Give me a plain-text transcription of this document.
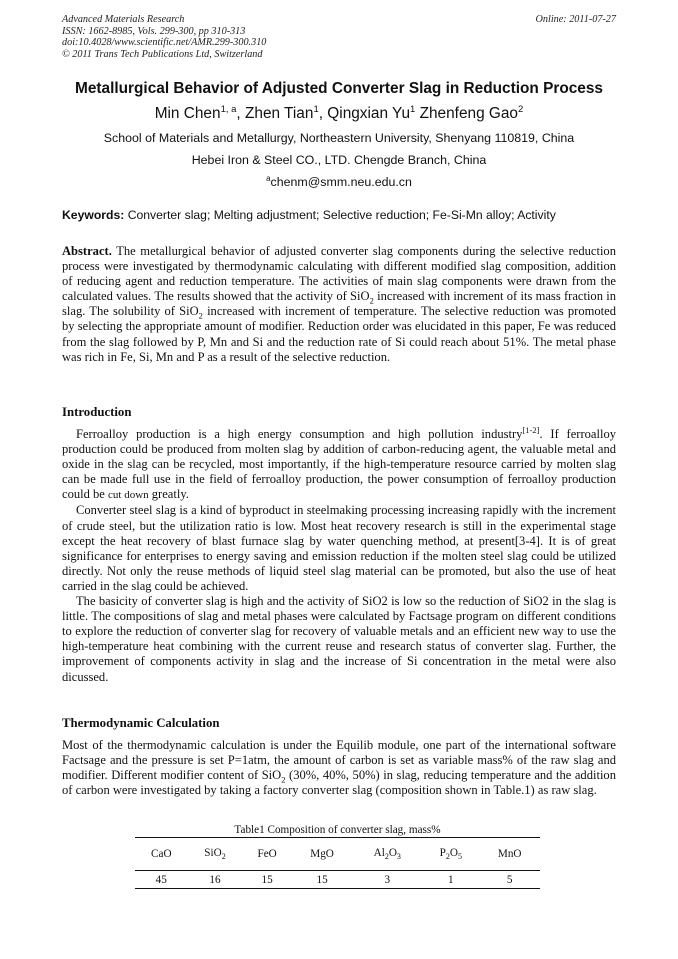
Advanced Materials Research
ISSN: 1662-8985, Vols. 299-300, pp 310-313
doi:10.4028/www.scientific.net/AMR.299-300.310
© 2011 Trans Tech Publications Ltd, Switzerland
Online: 2011-07-27
Metallurgical Behavior of Adjusted Converter Slag in Reduction Process
Min Chen$^{1, a}$, Zhen Tian$^1$, Qingxian Yu$^1$ Zhenfeng Gao$^2$
School of Materials and Metallurgy, Northeastern University, Shenyang 110819, China
Hebei Iron & Steel CO., LTD. Chengde Branch, China
$^a$chenm@smm.neu.edu.cn
Keywords: Converter slag; Melting adjustment; Selective reduction; Fe-Si-Mn alloy; Activity
Abstract. The metallurgical behavior of adjusted converter slag components during the selective reduction process were investigated by thermodynamic calculating with different modified slag composition, addition of reducing agent and reduction temperature. The activities of main slag components were drawn from the calculated values. The results showed that the activity of SiO$_2$ increased with increment of its mass fraction in slag. The solubility of SiO$_2$ increased with increment of temperature. The selective reduction was promoted by selecting the appropriate amount of modifier. Reduction order was elucidated in this paper, Fe was reduced from the slag followed by P, Mn and Si and the reduction rate of Si could reach about 51%. The metal phase was rich in Fe, Si, Mn and P as a result of the selective reduction.
Introduction
Ferroalloy production is a high energy consumption and high pollution industry[1-2]. If ferroalloy production could be produced from molten slag by addition of carbon-reducing agent, the valuable metal and oxide in the slag can be recycled, most importantly, if the high-temperature resource carried by molten slag can be made full use in the field of ferroalloy production, the power consumption of ferroalloy production could be cut down greatly.
Converter steel slag is a kind of byproduct in steelmaking processing increasing rapidly with the increment of crude steel, but the utilization ratio is low. Most heat recovery research is still in the experimental stage except the heat recovery of blast furnace slag by water quenching method, at present[3-4]. It is of great significance for enterprises to energy saving and emission reduction if the molten steel slag could be utilized directly. Not only the reuse methods of liquid steel slag material can be promoted, but also the use of heat carried in the slag could be achieved.
The basicity of converter slag is high and the activity of SiO2 is low so the reduction of SiO2 in the slag is little. The compositions of slag and metal phases were calculated by Factsage program on different conditions to explore the reduction of converter slag for recovery of valuable metals and an efficient new way to use the high-temperature heat combining with the current reuse and research status of converter slag. Further, the improvement of components activity in slag and the increase of Si concentration in the metal were also dicussed.
Thermodynamic Calculation
Most of the thermodynamic calculation is under the Equilib module, one part of the international software Factsage and the pressure is set P=1atm, the amount of carbon is set as variable mass% of the raw slag and modifier. Different modifier content of SiO$_2$ (30%, 40%, 50%) in slag, reducing temperature and the addition of carbon were investigated by taking a factory converter slag (composition shown in Table.1) as raw slag.
Table1 Composition of converter slag, mass%
CaO	SiO$_2$	FeO	MgO	$Al_2O_3$	$P_2O_5$	MnO
45	16	15	15	3	1	5
